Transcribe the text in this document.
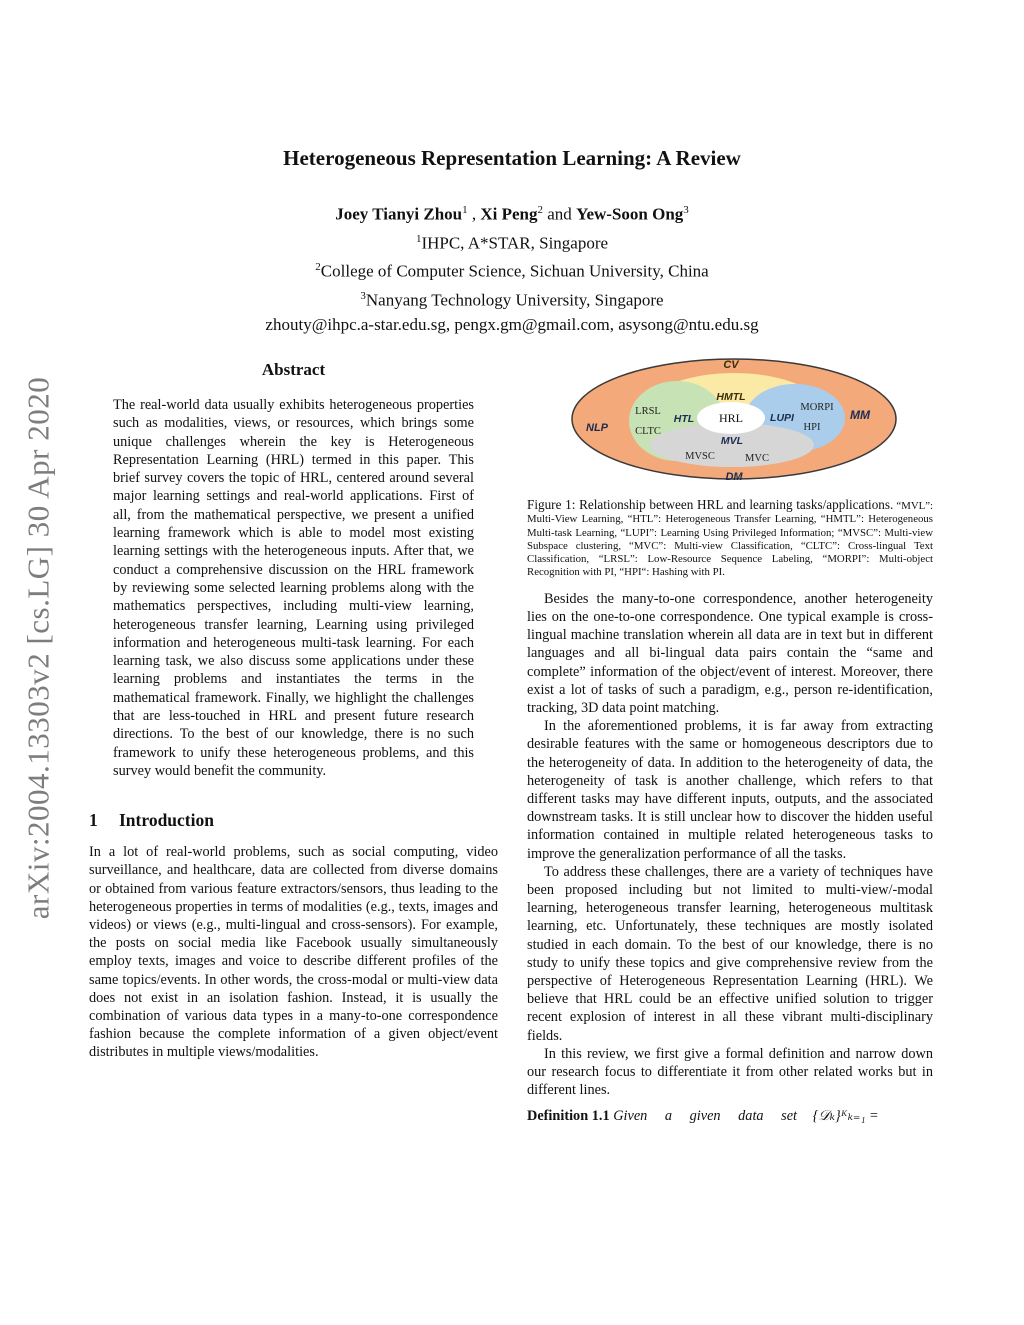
arXiv:2004.13303v2 [cs.LG] 30 Apr 2020
Heterogeneous Representation Learning: A Review
Joey Tianyi Zhou$^1$ , Xi Peng$^2$ and Yew-Soon Ong$^3$
$^1$IHPC, A*STAR, Singapore
$^2$College of Computer Science, Sichuan University, China
$^3$Nanyang Technology University, Singapore
zhouty@ihpc.a-star.edu.sg, pengx.gm@gmail.com, asysong@ntu.edu.sg
Abstract

The real-world data usually exhibits heterogeneous properties such as modalities, views, or resources, which brings some unique challenges wherein the key is Heterogeneous Representation Learning (HRL) termed in this paper. This brief survey covers the topic of HRL, centered around several major learning settings and real-world applications. First of all, from the mathematical perspective, we present a unified learning framework which is able to model most existing learning settings with the heterogeneous inputs. After that, we conduct a comprehensive discussion on the HRL framework by reviewing some selected learning problems along with the mathematics perspectives, including multi-view learning, heterogeneous transfer learning, Learning using privileged information and heterogeneous multi-task learning. For each learning task, we also discuss some applications under these learning problems and instantiates the terms in the mathematical framework. Finally, we highlight the challenges that are less-touched in HRL and present future research directions. To the best of our knowledge, there is no such framework to unify these heterogeneous problems, and this survey would benefit the community.

1 Introduction

In a lot of real-world problems, such as social computing, video surveillance, and healthcare, data are collected from diverse domains or obtained from various feature extractors/sensors, thus leading to the heterogeneous properties in terms of modalities (e.g., texts, images and videos) or views (e.g., multi-lingual and cross-sensors). For example, the posts on social media like Facebook usually simultaneously employ texts, images and voice to describe different profiles of the same topics/events. In other words, the cross-modal or multi-view data does not exist in an isolation fashion. Instead, it is usually the combination of various data types in a many-to-one correspondence fashion because the complete information of a given object/event distributes in multiple views/modalities.

CV
NLP
MM
DM
HMTL
HTL	LUPI
MVL
HRL
LRSL
CLTC
MORPI
HPI
MVSC	MVC

Figure 1: Relationship between HRL and learning tasks/applications. “MVL”: Multi-View Learning, “HTL”: Heterogeneous Transfer Learning, “HMTL”: Heterogeneous Multi-task Learning, “LUPI”: Learning Using Privileged Information; “MVSC”: Multi-view Subspace clustering, “MVC”: Multi-view Classification, “CLTC”: Cross-lingual Text Classification, “LRSL”: Low-Resource Sequence Labeling, “MORPI”: Multi-object Recognition with PI, “HPI“: Hashing with PI.

Besides the many-to-one correspondence, another heterogeneity lies on the one-to-one correspondence. One typical example is cross-lingual machine translation wherein all data are in text but in different languages and all bi-lingual data pairs contain the “same and complete” information of the object/event of interest. Moreover, there exist a lot of tasks of such a paradigm, e.g., person re-identification, tracking, 3D data point matching.

In the aforementioned problems, it is far away from extracting desirable features with the same or homogeneous descriptors due to the heterogeneity of data. In addition to the heterogeneity of data, the heterogeneity of task is another challenge, which refers to that different tasks may have different inputs, outputs, and the associated downstream tasks. It is still unclear how to discover the hidden useful information contained in multiple related heterogeneous tasks to improve the generalization performance of all the tasks.

To address these challenges, there are a variety of techniques have been proposed including but not limited to multi-view/-modal learning, heterogeneous transfer learning, heterogeneous multitask learning, etc. Unfortunately, these techniques are mostly isolated studied in each domain. To the best of our knowledge, there is no study to unify these topics and give comprehensive review from the perspective of Heterogeneous Representation Learning (HRL). We believe that HRL could be an effective unified solution to trigger recent explosion of interest in all these vibrant multi-disciplinary fields.

In this review, we first give a formal definition and narrow down our research focus to differentiate it from other related works but in different lines.

Definition 1.1 Given a given data set {𝒟ₖ}ᴷₖ₌₁ =
